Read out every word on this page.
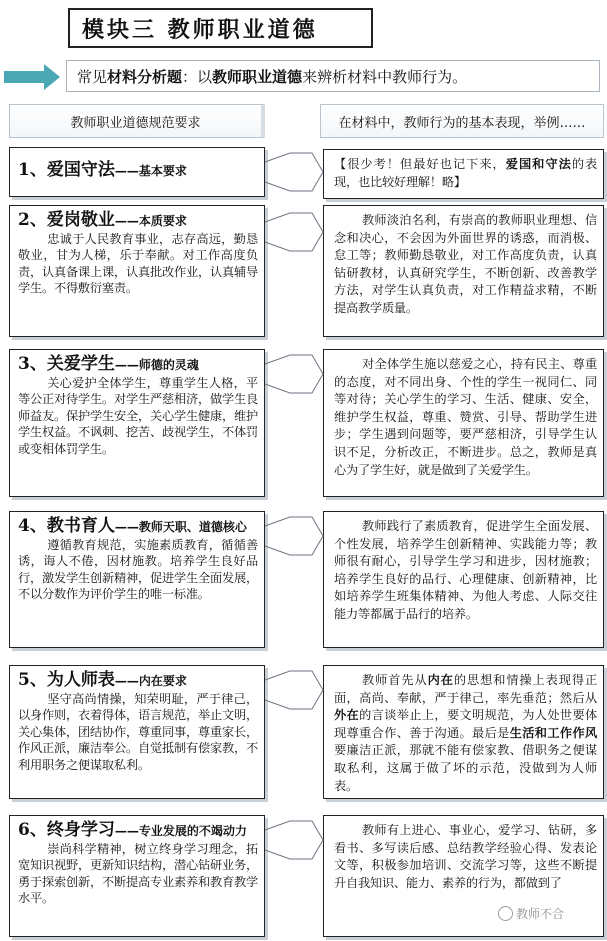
模块三 教师职业道德
常见 材料分析题 ：以 教师职业道德 来辨析材料中教师行为。
教师职业道德规范要求	在材料中，教师行为的基本表现，举例……
1、爱国守法——基本要求
2、爱岗敬业——本质要求
忠诚于人民教育事业，志存高远，勤恳敬业，甘为人梯，乐于奉献。对工作高度负责，认真备课上课，认真批改作业，认真辅导学生。不得敷衍塞责。
3、关爱学生——师德的灵魂
关心爱护全体学生，尊重学生人格，平等公正对待学生。对学生严慈相济，做学生良师益友。保护学生安全，关心学生健康，维护学生权益。不讽刺、挖苦、歧视学生，不体罚或变相体罚学生。
4、教书育人——教师天职、道德核心
遵循教育规范，实施素质教育，循循善诱，诲人不倦，因材施教。培养学生良好品行，激发学生创新精神，促进学生全面发展，不以分数作为评价学生的唯一标准。
5、为人师表——内在要求
坚守高尚情操，知荣明耻，严于律己，以身作则，衣着得体，语言规范，举止文明，关心集体，团结协作，尊重同事，尊重家长，作风正派，廉洁奉公。自觉抵制有偿家教，不利用职务之便谋取私利。
6、终身学习——专业发展的不竭动力
崇尚科学精神，树立终身学习理念，拓宽知识视野，更新知识结构，潜心钻研业务，勇于探索创新，不断提高专业素养和教育教学水平。
【很少考！但最好也记下来，爱国和守法的表现，也比较好理解！略】
教师淡泊名利，有崇高的教师职业理想、信念和决心，不会因为外面世界的诱惑，而消极、怠工等；教师勤恳敬业，对工作高度负责，认真钻研教材，认真研究学生，不断创新、改善教学方法，对学生认真负责，对工作精益求精，不断提高教学质量。
对全体学生施以慈爱之心，持有民主、尊重的态度，对不同出身、个性的学生一视同仁、同等对待；关心学生的学习、生活、健康、安全，维护学生权益，尊重、赞赏、引导、帮助学生进步；学生遇到问题等，要严慈相济，引导学生认识不足，分析改正，不断进步。总之，教师是真心为了学生好，就是做到了关爱学生。
教师践行了素质教育，促进学生全面发展、个性发展，培养学生创新精神、实践能力等；教师很有耐心，引导学生学习和进步，因材施教；培养学生良好的品行、心理健康、创新精神，比如培养学生班集体精神、为他人考虑、人际交往能力等都属于品行的培养。
教师首先从内在的思想和情操上表现得正面，高尚、奉献，严于律己，率先垂范；然后从外在的言谈举止上，要文明规范，为人处世要体现尊重合作、善于沟通。最后是生活和工作作风要廉洁正派，那就不能有偿家教、借职务之便谋取私利，这属于做了坏的示范，没做到为人师表。
教师有上进心、事业心，爱学习、钻研，多看书、多写读后感、总结教学经验心得、发表论文等，积极参加培训、交流学习等，这些不断提升自我知识、能力、素养的行为，都做到了
教师不合
